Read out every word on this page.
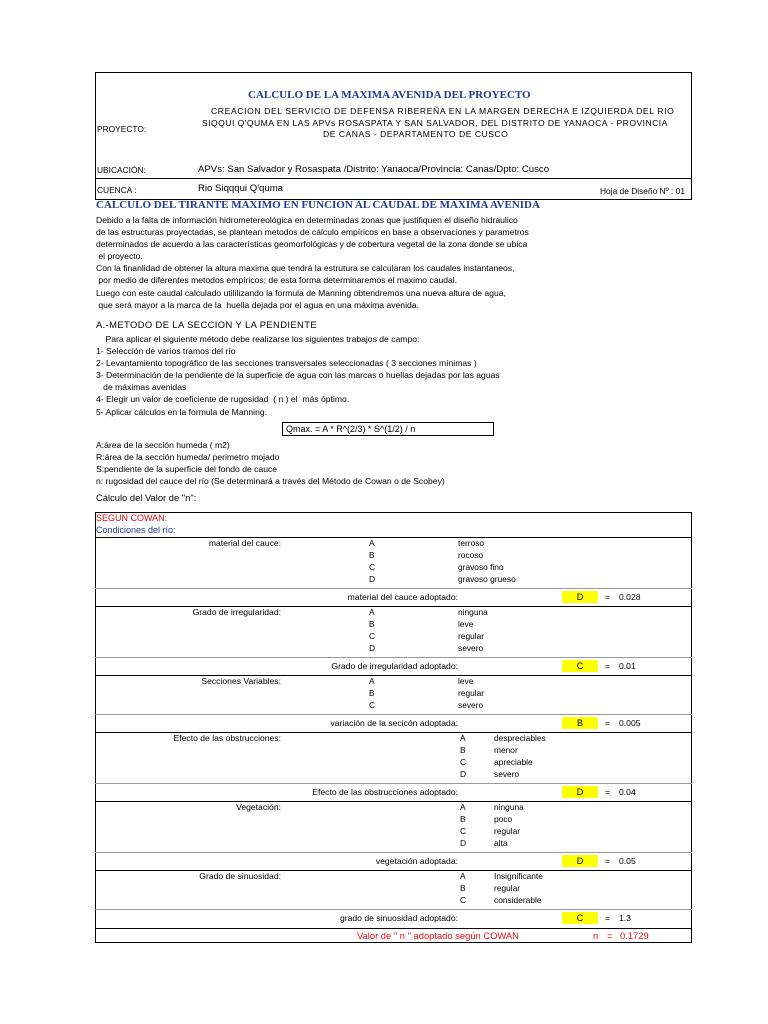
CALCULO DE LA MAXIMA AVENIDA DEL PROYECTO
CREACION DEL SERVICIO DE DEFENSA RIBEREÑA EN LA MARGEN DERECHA E IZQUIERDA DEL RIO
SIQQUI Q'QUMA EN LAS APVs ROSASPATA Y SAN SALVADOR, DEL DISTRITO DE YANAOCA - PROVINCIA
DE CANAS - DEPARTAMENTO DE CUSCO
PROYECTO:
UBICACIÓN:	APVs: San Salvador y Rosaspata /Distrito: Yanaoca/Provincia: Canas/Dpto: Cusco
CUENCA :	Rio Siqqqui Q'quma	Hoja de Diseño Nº : 01
CALCULO DEL TIRANTE MAXIMO EN FUNCION AL CAUDAL DE MAXIMA AVENIDA
Debido a la falta de información hidrometereológica en determinadas zonas que justifiquen el diseño hidraulico
de las estructuras proyectadas, se plantean metodos de cálculo empíricos en base a observaciones y parametros
determinados de acuerdo a las características geomorfológicas y de cobertura vegetal de la zona donde se ubica
el proyecto.
Con la finanlidad de obtener la altura maxima que tendrá la estrutura se calcularan los caudales instantaneos,
por medio de diferentes metodos empíricos; de esta forma determinaremos el maximo caudal.
Luego con este caudal calculado utililizando la formula de Manning obtendremos una nueva altura de agua,
que será mayor a la marca de la  huella dejada por el agua en una máxima avenida.
A.-METODO DE LA SECCION Y LA PENDIENTE
Para aplicar el siguiente método debe realizarse los siguientes trabajos de campo:
1- Selección de varios tramos del río
2- Levantamiento topográfico de las secciones transversales seleccionadas ( 3 secciones mínimas )
3- Determinación de la pendiente de la superficie de agua con las marcas o huellas dejadas por las aguas
de máximas avenidas
4- Elegir un valor de coeficiente de rugosidad  ( n ) el  más óptimo.
5- Aplicar cálculos en la formula de Manning.
Qmax. = A * R^(2/3) * S^(1/2) / n
A:área de la sección humeda ( m2)
R:área de la sección humeda/ perimetro mojado
S:pendiente de la superficie del fondo de cauce
n: rugosidad del cauce del río (Se determinará a través del Método de Cowan o de Scobey)
Cálculo del Valor de "n":
SEGUN COWAN:
Condiciones del río:
material del cauce:	A	terroso
B	rocoso
C	gravoso fino
D	gravoso grueso
material del cauce adoptado:	D	= 0.028
Grado de irregularidad:	A	ninguna
B	leve
C	regular
D	severo
Grado de irregularidad adoptado:	C	= 0.01
Secciones Variables:	A	leve
B	regular
C	severo
variación de la secicón adoptada:	B	= 0.005
Efecto de las obstrucciones:	A	despreciables
B	menor
C	apreciable
D	severo
Efecto de las obstrucciones adoptado:	D	= 0.04
Vegetación:	A	ninguna
B	poco
C	regular
D	alta
vegetación adoptada:	D	= 0.05
Grado de sinuosidad:	A	Insignificante
B	regular
C	considerable
grado de sinuosidad adoptado:	C	= 1.3
Valor de " n " adoptado según COWAN	n = 0.1729
